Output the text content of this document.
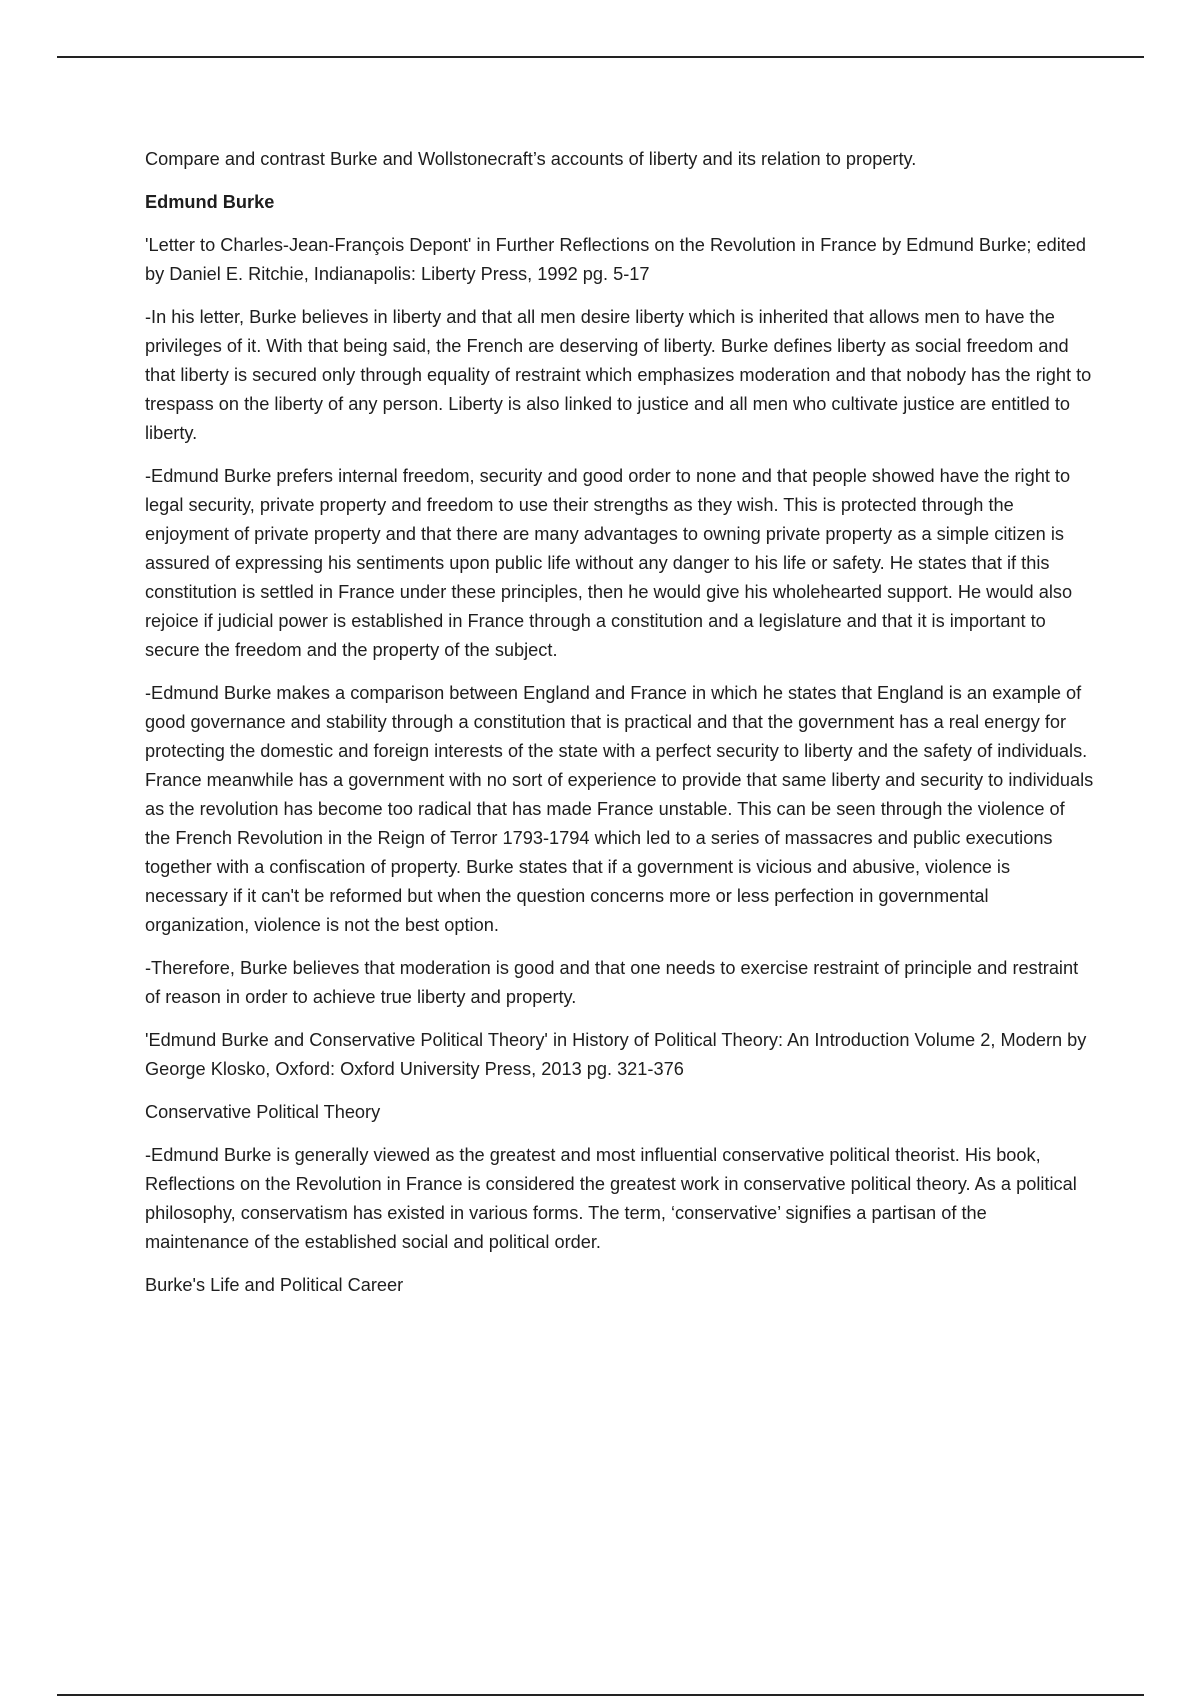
Compare and contrast Burke and Wollstonecraft’s accounts of liberty and its relation to property.

Edmund Burke

'Letter to Charles-Jean-François Depont' in Further Reflections on the Revolution in France by Edmund Burke; edited by Daniel E. Ritchie, Indianapolis: Liberty Press, 1992 pg. 5-17

-In his letter, Burke believes in liberty and that all men desire liberty which is inherited that allows men to have the privileges of it. With that being said, the French are deserving of liberty. Burke defines liberty as social freedom and that liberty is secured only through equality of restraint which emphasizes moderation and that nobody has the right to trespass on the liberty of any person. Liberty is also linked to justice and all men who cultivate justice are entitled to liberty.

-Edmund Burke prefers internal freedom, security and good order to none and that people showed have the right to legal security, private property and freedom to use their strengths as they wish. This is protected through the enjoyment of private property and that there are many advantages to owning private property as a simple citizen is assured of expressing his sentiments upon public life without any danger to his life or safety. He states that if this constitution is settled in France under these principles, then he would give his wholehearted support. He would also rejoice if judicial power is established in France through a constitution and a legislature and that it is important to secure the freedom and the property of the subject.

-Edmund Burke makes a comparison between England and France in which he states that England is an example of good governance and stability through a constitution that is practical and that the government has a real energy for protecting the domestic and foreign interests of the state with a perfect security to liberty and the safety of individuals. France meanwhile has a government with no sort of experience to provide that same liberty and security to individuals as the revolution has become too radical that has made France unstable. This can be seen through the violence of the French Revolution in the Reign of Terror 1793-1794 which led to a series of massacres and public executions together with a confiscation of property. Burke states that if a government is vicious and abusive, violence is necessary if it can't be reformed but when the question concerns more or less perfection in governmental organization, violence is not the best option.

-Therefore, Burke believes that moderation is good and that one needs to exercise restraint of principle and restraint of reason in order to achieve true liberty and property.

'Edmund Burke and Conservative Political Theory' in History of Political Theory: An Introduction Volume 2, Modern by George Klosko, Oxford: Oxford University Press, 2013 pg. 321-376

Conservative Political Theory

-Edmund Burke is generally viewed as the greatest and most influential conservative political theorist. His book, Reflections on the Revolution in France is considered the greatest work in conservative political theory. As a political philosophy, conservatism has existed in various forms. The term, ‘conservative’ signifies a partisan of the maintenance of the established social and political order.

Burke's Life and Political Career
